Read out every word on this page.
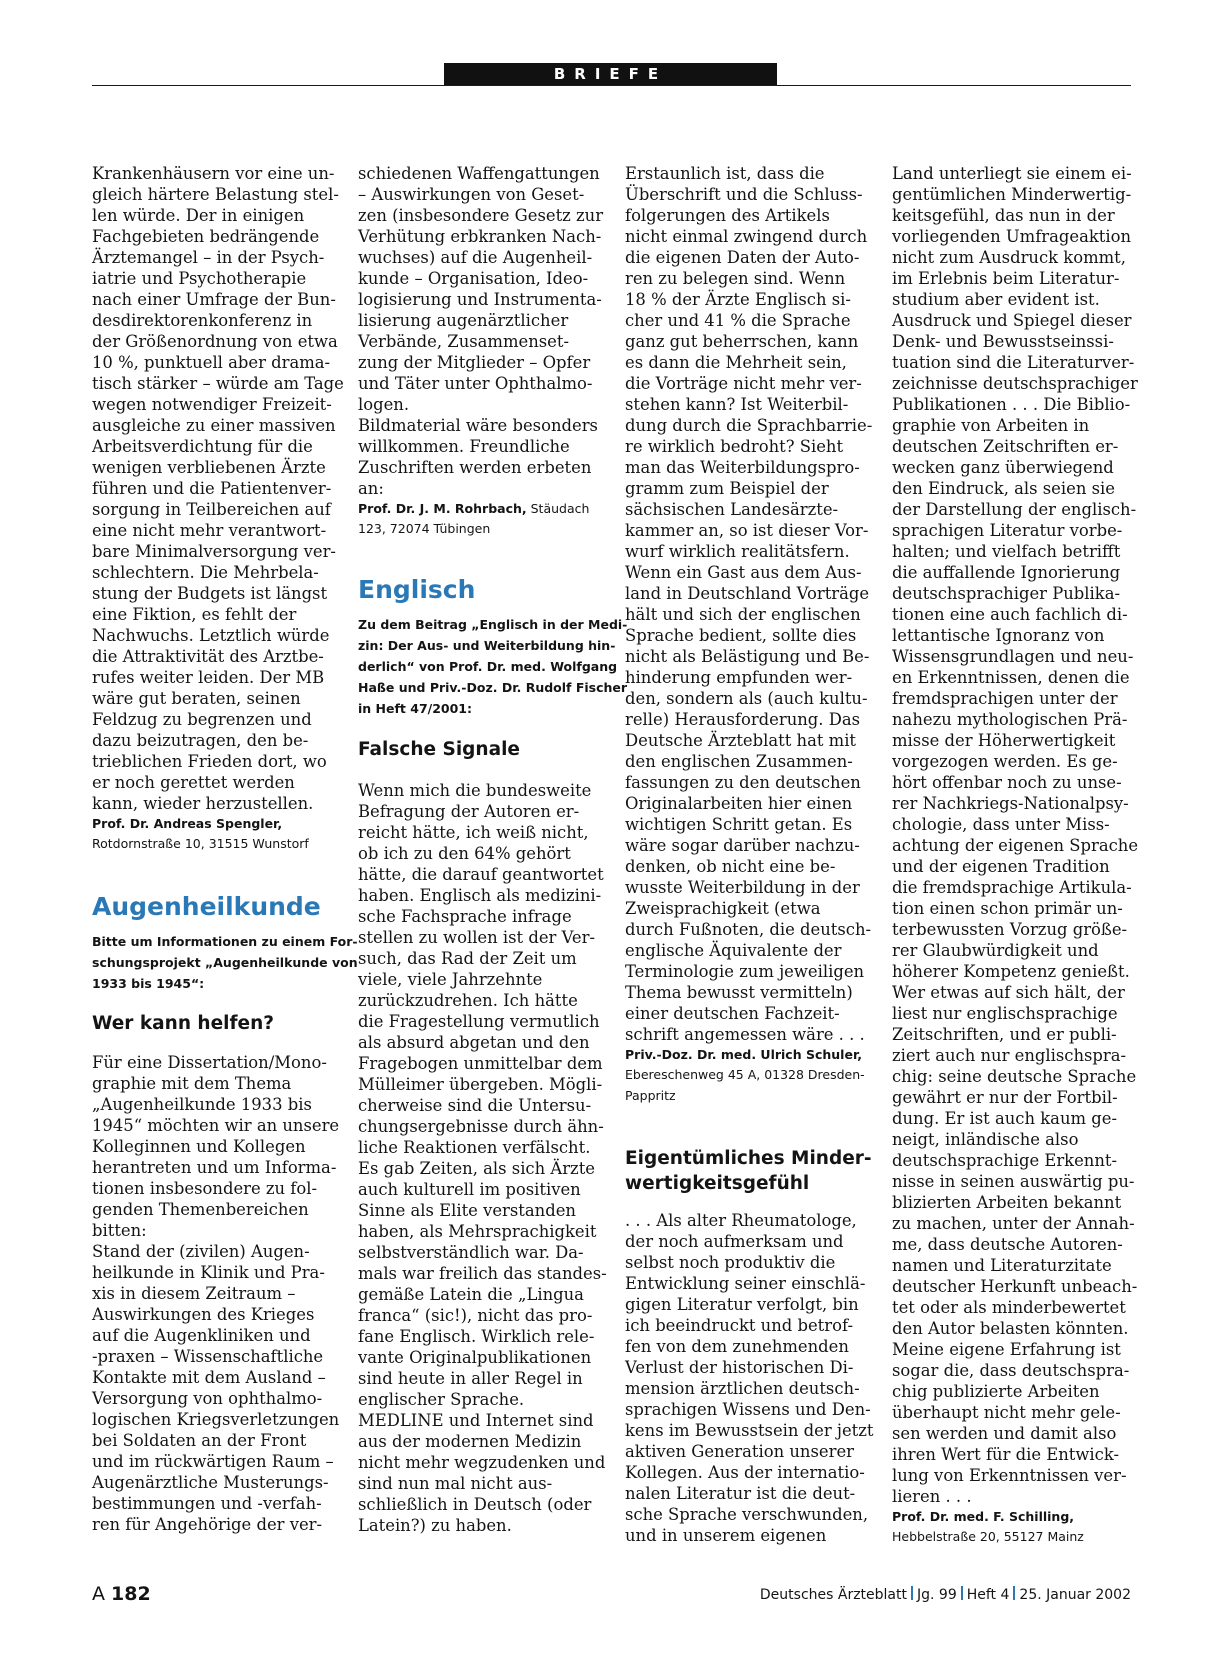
BRIEFE
Krankenhäusern vor eine un-
gleich härtere Belastung stel-
len würde. Der in einigen
Fachgebieten bedrängende
Ärztemangel – in der Psych-
iatrie und Psychotherapie
nach einer Umfrage der Bun-
desdirektorenkonferenz in
der Größenordnung von etwa
10 %, punktuell aber drama-
tisch stärker – würde am Tage
wegen notwendiger Freizeit-
ausgleiche zu einer massiven
Arbeitsverdichtung für die
wenigen verbliebenen Ärzte
führen und die Patientenver-
sorgung in Teilbereichen auf
eine nicht mehr verantwort-
bare Minimalversorgung ver-
schlechtern. Die Mehrbela-
stung der Budgets ist längst
eine Fiktion, es fehlt der
Nachwuchs. Letztlich würde
die Attraktivität des Arztbe-
rufes weiter leiden. Der MB
wäre gut beraten, seinen
Feldzug zu begrenzen und
dazu beizutragen, den be-
trieblichen Frieden dort, wo
er noch gerettet werden
kann, wieder herzustellen.

Prof. Dr. Andreas Spengler,

Rotdornstraße 10, 31515 Wunstorf

Augenheilkunde
Bitte um Informationen zu einem For-
schungsprojekt „Augenheilkunde von
1933 bis 1945“:
Wer kann helfen?
Für eine Dissertation/Mono-
graphie mit dem Thema
„Augenheilkunde 1933 bis
1945“ möchten wir an unsere
Kolleginnen und Kollegen
herantreten und um Informa-
tionen insbesondere zu fol-
genden Themenbereichen
bitten:
Stand der (zivilen) Augen-
heilkunde in Klinik und Pra-
xis in diesem Zeitraum –
Auswirkungen des Krieges
auf die Augenkliniken und
-praxen – Wissenschaftliche
Kontakte mit dem Ausland –
Versorgung von ophthalmo-
logischen Kriegsverletzungen
bei Soldaten an der Front
und im rückwärtigen Raum –
Augenärztliche Musterungs-
bestimmungen und -verfah-
ren für Angehörige der ver-
schiedenen Waffengattungen
– Auswirkungen von Geset-
zen (insbesondere Gesetz zur
Verhütung erbkranken Nach-
wuchses) auf die Augenheil-
kunde – Organisation, Ideo-
logisierung und Instrumenta-
lisierung augenärztlicher
Verbände, Zusammenset-
zung der Mitglieder – Opfer
und Täter unter Ophthalmo-
logen.
Bildmaterial wäre besonders
willkommen. Freundliche
Zuschriften werden erbeten
an:

Prof. Dr. J. M. Rohrbach, Stäudach

123, 72074 Tübingen

Englisch
Zu dem Beitrag „Englisch in der Medi-
zin: Der Aus- und Weiterbildung hin-
derlich“ von Prof. Dr. med. Wolfgang
Haße und Priv.-Doz. Dr. Rudolf Fischer
in Heft 47/2001:
Falsche Signale
Wenn mich die bundesweite
Befragung der Autoren er-
reicht hätte, ich weiß nicht,
ob ich zu den 64% gehört
hätte, die darauf geantwortet
haben. Englisch als medizini-
sche Fachsprache infrage
stellen zu wollen ist der Ver-
such, das Rad der Zeit um
viele, viele Jahrzehnte
zurückzudrehen. Ich hätte
die Fragestellung vermutlich
als absurd abgetan und den
Fragebogen unmittelbar dem
Mülleimer übergeben. Mögli-
cherweise sind die Untersu-
chungsergebnisse durch ähn-
liche Reaktionen verfälscht.
Es gab Zeiten, als sich Ärzte
auch kulturell im positiven
Sinne als Elite verstanden
haben, als Mehrsprachigkeit
selbstverständlich war. Da-
mals war freilich das standes-
gemäße Latein die „Lingua
franca“ (sic!), nicht das pro-
fane Englisch. Wirklich rele-
vante Originalpublikationen
sind heute in aller Regel in
englischer Sprache.
MEDLINE und Internet sind
aus der modernen Medizin
nicht mehr wegzudenken und
sind nun mal nicht aus-
schließlich in Deutsch (oder
Latein?) zu haben.
Erstaunlich ist, dass die
Überschrift und die Schluss-
folgerungen des Artikels
nicht einmal zwingend durch
die eigenen Daten der Auto-
ren zu belegen sind. Wenn
18 % der Ärzte Englisch si-
cher und 41 % die Sprache
ganz gut beherrschen, kann
es dann die Mehrheit sein,
die Vorträge nicht mehr ver-
stehen kann? Ist Weiterbil-
dung durch die Sprachbarrie-
re wirklich bedroht? Sieht
man das Weiterbildungspro-
gramm zum Beispiel der
sächsischen Landesärzte-
kammer an, so ist dieser Vor-
wurf wirklich realitätsfern.
Wenn ein Gast aus dem Aus-
land in Deutschland Vorträge
hält und sich der englischen
Sprache bedient, sollte dies
nicht als Belästigung und Be-
hinderung empfunden wer-
den, sondern als (auch kultu-
relle) Herausforderung. Das
Deutsche Ärzteblatt hat mit
den englischen Zusammen-
fassungen zu den deutschen
Originalarbeiten hier einen
wichtigen Schritt getan. Es
wäre sogar darüber nachzu-
denken, ob nicht eine be-
wusste Weiterbildung in der
Zweisprachigkeit (etwa
durch Fußnoten, die deutsch-
englische Äquivalente der
Terminologie zum jeweiligen
Thema bewusst vermitteln)
einer deutschen Fachzeit-
schrift angemessen wäre . . .

Priv.-Doz. Dr. med. Ulrich Schuler,

Ebereschenweg 45 A, 01328 Dresden-
Pappritz
Eigentümliches Minder-
wertigkeitsgefühl
. . . Als alter Rheumatologe,
der noch aufmerksam und
selbst noch produktiv die
Entwicklung seiner einschlä-
gigen Literatur verfolgt, bin
ich beeindruckt und betrof-
fen von dem zunehmenden
Verlust der historischen Di-
mension ärztlichen deutsch-
sprachigen Wissens und Den-
kens im Bewusstsein der jetzt
aktiven Generation unserer
Kollegen. Aus der internatio-
nalen Literatur ist die deut-
sche Sprache verschwunden,
und in unserem eigenen
Land unterliegt sie einem ei-
gentümlichen Minderwertig-
keitsgefühl, das nun in der
vorliegenden Umfrageaktion
nicht zum Ausdruck kommt,
im Erlebnis beim Literatur-
studium aber evident ist.
Ausdruck und Spiegel dieser
Denk- und Bewusstseinssi-
tuation sind die Literaturver-
zeichnisse deutschsprachiger
Publikationen . . . Die Biblio-
graphie von Arbeiten in
deutschen Zeitschriften er-
wecken ganz überwiegend
den Eindruck, als seien sie
der Darstellung der englisch-
sprachigen Literatur vorbe-
halten; und vielfach betrifft
die auffallende Ignorierung
deutschsprachiger Publika-
tionen eine auch fachlich di-
lettantische Ignoranz von
Wissensgrundlagen und neu-
en Erkenntnissen, denen die
fremdsprachigen unter der
nahezu mythologischen Prä-
misse der Höherwertigkeit
vorgezogen werden. Es ge-
hört offenbar noch zu unse-
rer Nachkriegs-Nationalpsy-
chologie, dass unter Miss-
achtung der eigenen Sprache
und der eigenen Tradition
die fremdsprachige Artikula-
tion einen schon primär un-
terbewussten Vorzug größe-
rer Glaubwürdigkeit und
höherer Kompetenz genießt.
Wer etwas auf sich hält, der
liest nur englischsprachige
Zeitschriften, und er publi-
ziert auch nur englischspra-
chig: seine deutsche Sprache
gewährt er nur der Fortbil-
dung. Er ist auch kaum ge-
neigt, inländische also
deutschsprachige Erkennt-
nisse in seinen auswärtig pu-
blizierten Arbeiten bekannt
zu machen, unter der Annah-
me, dass deutsche Autoren-
namen und Literaturzitate
deutscher Herkunft unbeach-
tet oder als minderbewertet
den Autor belasten könnten.
Meine eigene Erfahrung ist
sogar die, dass deutschspra-
chig publizierte Arbeiten
überhaupt nicht mehr gele-
sen werden und damit also
ihren Wert für die Entwick-
lung von Erkenntnissen ver-
lieren . . .

Prof. Dr. med. F. Schilling,

Hebbelstraße 20, 55127 Mainz

A 182	Deutsches Ärzteblatt Jg. 99 Heft 4 25. Januar 2002
